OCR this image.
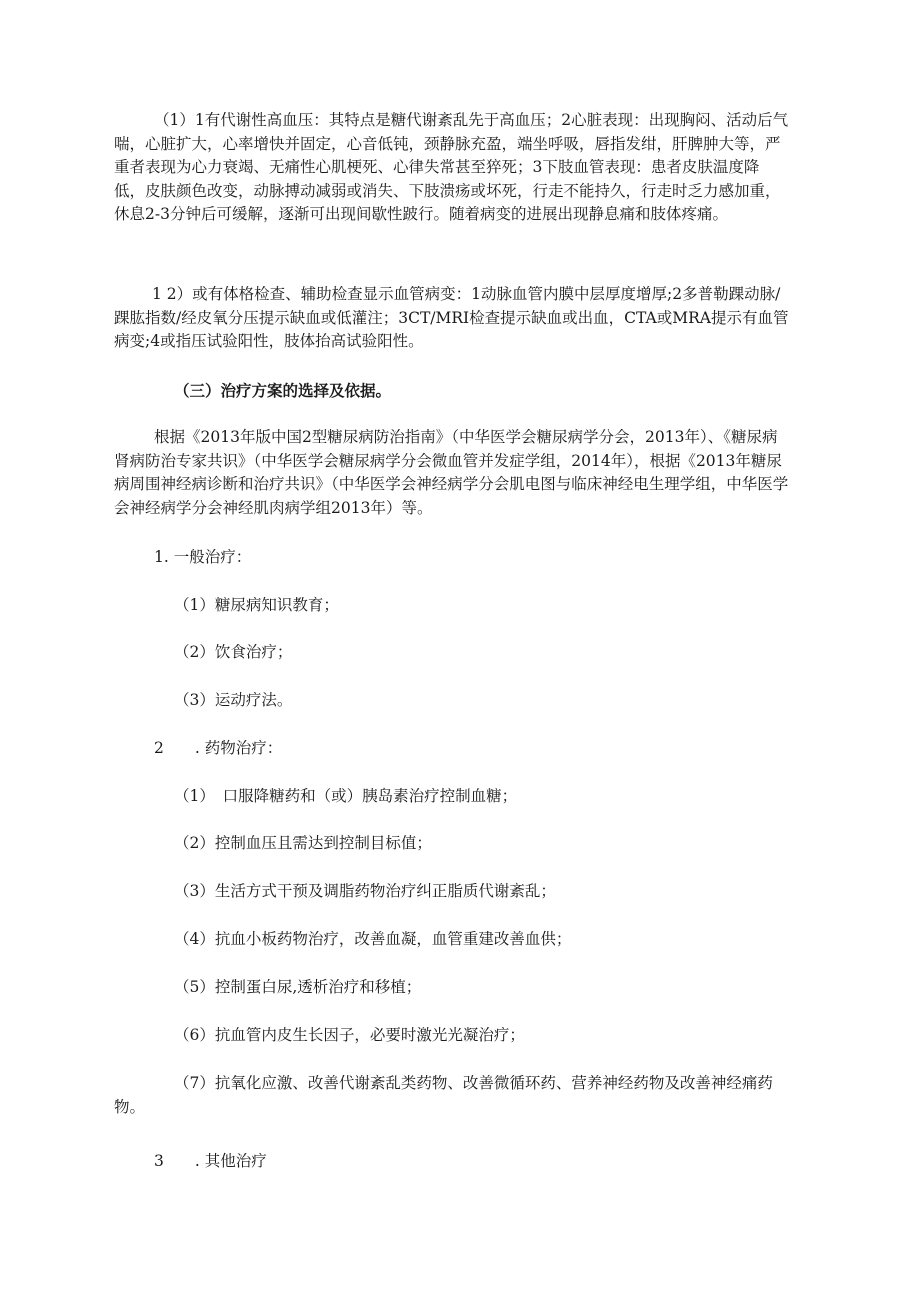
（1）1有代谢性高血压：其特点是糖代谢紊乱先于高血压；2心脏表现：出现胸闷、活动后气喘，心脏扩大，心率增快并固定，心音低钝，颈静脉充盈，端坐呼吸，唇指发绀，肝脾肿大等，严重者表现为心力衰竭、无痛性心肌梗死、心律失常甚至猝死；3下肢血管表现：患者皮肤温度降低，皮肤颜色改变，动脉搏动减弱或消失、下肢溃疡或坏死，行走不能持久，行走时乏力感加重，休息2-3分钟后可缓解，逐渐可出现间歇性跛行。随着病变的进展出现静息痛和肢体疼痛。

1 2）或有体格检查、辅助检查显示血管病变：1动脉血管内膜中层厚度增厚;2多普勒踝动脉/踝肱指数/经皮氧分压提示缺血或低灌注；3CT/MRI检查提示缺血或出血，CTA或MRA提示有血管病变;4或指压试验阳性，肢体抬高试验阳性。

（三）治疗方案的选择及依据。

根据《2013年版中国2型糖尿病防治指南》（中华医学会糖尿病学分会，2013年）、《糖尿病肾病防治专家共识》（中华医学会糖尿病学分会微血管并发症学组，2014年），根据《2013年糖尿病周围神经病诊断和治疗共识》（中华医学会神经病学分会肌电图与临床神经电生理学组，中华医学会神经病学分会神经肌肉病学组2013年）等。

1. 一般治疗：

（1）糖尿病知识教育；

（2）饮食治疗；

（3）运动疗法。

2　　. 药物治疗：

（1）　口服降糖药和（或）胰岛素治疗控制血糖；

（2）控制血压且需达到控制目标值；

（3）生活方式干预及调脂药物治疗纠正脂质代谢紊乱；

（4）抗血小板药物治疗，改善血凝，血管重建改善血供；

（5）控制蛋白尿,透析治疗和移植；

（6）抗血管内皮生长因子，必要时激光光凝治疗；

（7）抗氧化应激、改善代谢紊乱类药物、改善微循环药、营养神经药物及改善神经痛药物。

3　　. 其他治疗
